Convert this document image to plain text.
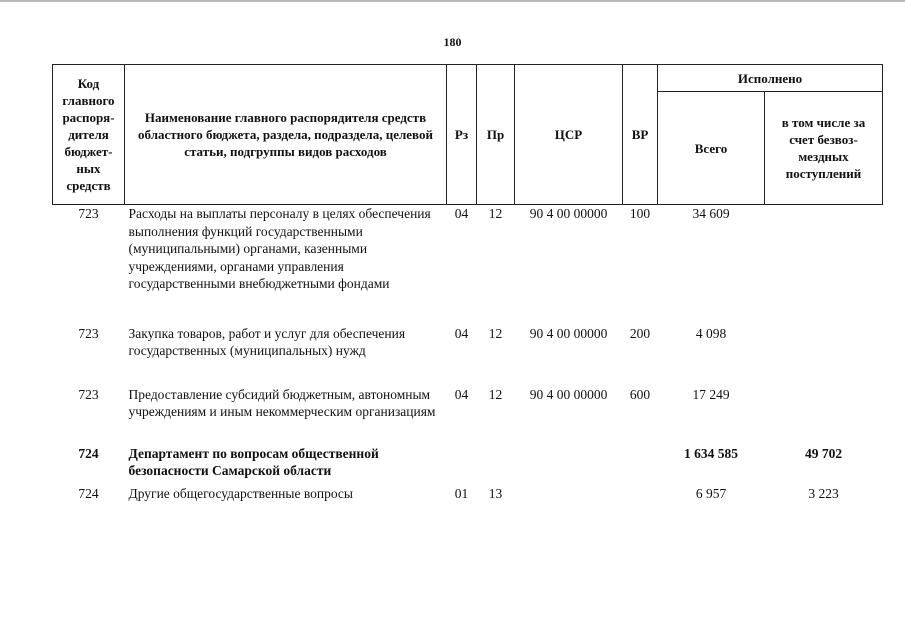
180
Код главного распоря-дителя бюджет-ных средств	Наименование главного распорядителя средств областного бюджета, раздела, подраздела, целевой статьи, подгруппы видов расходов	Рз	Пр	ЦСР	ВР	Исполнено	
						Всего	в том числе за счет безвоз-мездных поступлений
723	Расходы на выплаты персоналу в целях обеспечения выполнения функций государственными (муниципальными) органами, казенными учреждениями, органами управления государственными внебюджетными фондами	04	12	90 4 00 00000	100	34 609	
723	Закупка товаров, работ и услуг для обеспечения государственных (муниципальных) нужд	04	12	90 4 00 00000	200	4 098	
723	Предоставление субсидий бюджетным, автономным учреждениям и иным некоммерческим организациям	04	12	90 4 00 00000	600	17 249	
724	Департамент по вопросам общественной безопасности Самарской области					1 634 585	49 702
724	Другие общегосударственные вопросы	01	13			6 957	3 223
